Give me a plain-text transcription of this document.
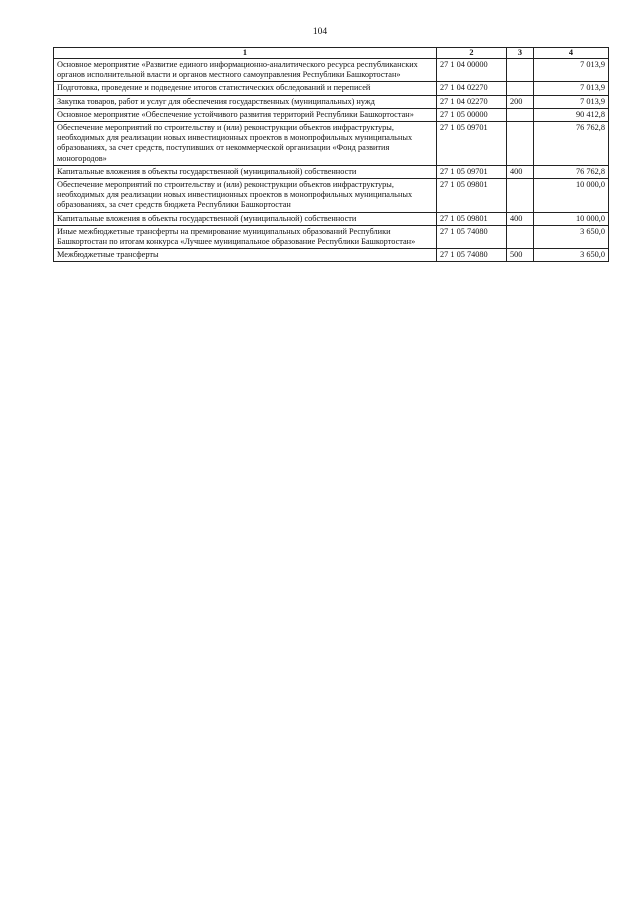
104
1	2	3	4
Основное мероприятие «Развитие единого информационно-аналитического ресурса республиканских органов исполнительной власти и органов местного самоуправления Республики Башкортостан»	27 1 04 00000		7 013,9
Подготовка, проведение и подведение итогов статистических обследований и переписей	27 1 04 02270		7 013,9
Закупка товаров, работ и услуг для обеспечения государственных (муниципальных) нужд	27 1 04 02270	200	7 013,9
Основное мероприятие «Обеспечение устойчивого развития территорий Республики Башкортостан»	27 1 05 00000		90 412,8
Обеспечение мероприятий по строительству и (или) реконструкции объектов инфраструктуры, необходимых для реализации новых инвестиционных проектов в монопрофильных муниципальных образованиях, за счет средств, поступивших от некоммерческой организации «Фонд развития моногородов»	27 1 05 09701		76 762,8
Капитальные вложения в объекты государственной (муниципальной) собственности	27 1 05 09701	400	76 762,8
Обеспечение мероприятий по строительству и (или) реконструкции объектов инфраструктуры, необходимых для реализации новых инвестиционных проектов в монопрофильных муниципальных образованиях, за счет средств бюджета Республики Башкортостан	27 1 05 09801		10 000,0
Капитальные вложения в объекты государственной (муниципальной) собственности	27 1 05 09801	400	10 000,0
Иные межбюджетные трансферты на премирование муниципальных образований Республики Башкортостан по итогам конкурса «Лучшее муниципальное образование Республики Башкортостан»	27 1 05 74080		3 650,0
Межбюджетные трансферты	27 1 05 74080	500	3 650,0
